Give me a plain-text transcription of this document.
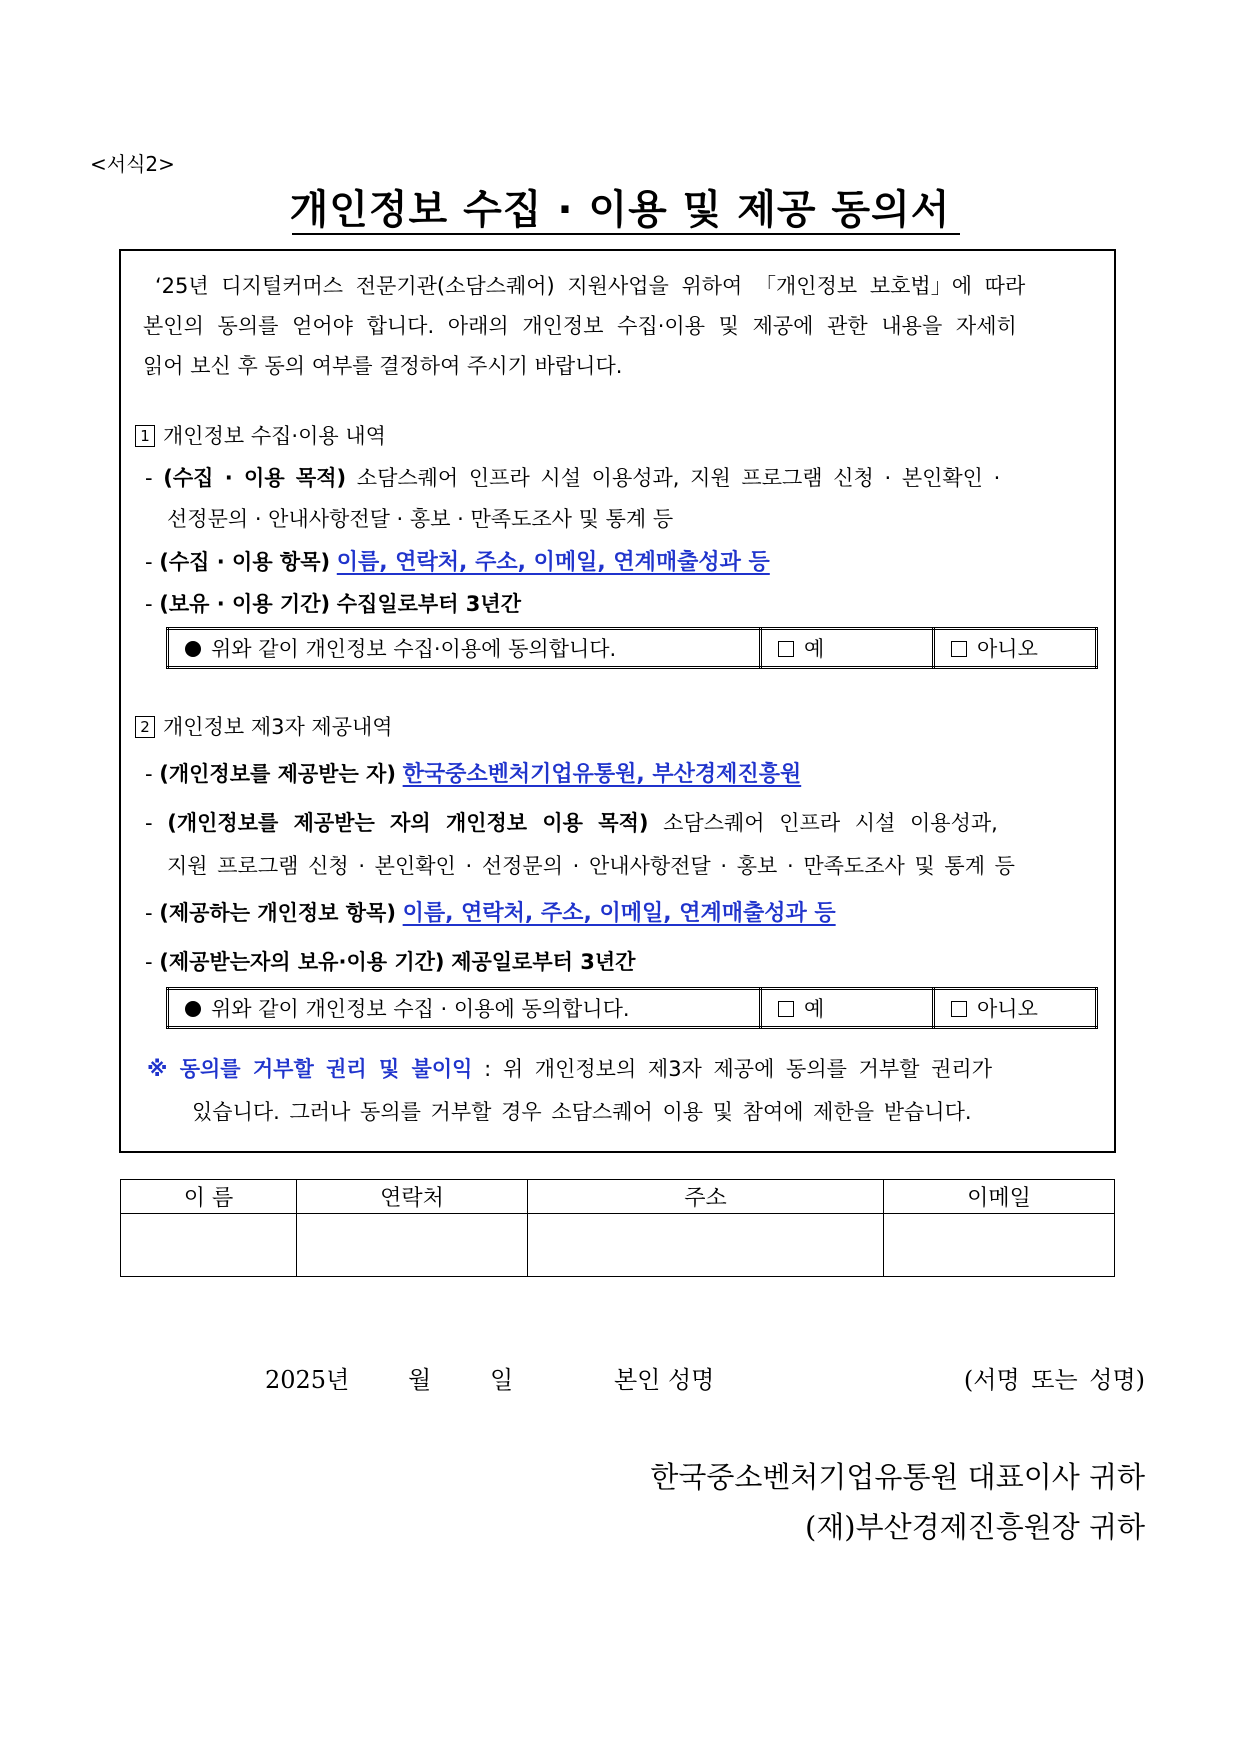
<서식2>
개인정보 수집 · 이용 및 제공 동의서
‘25년 디지털커머스 전문기관(소담스퀘어) 지원사업을 위하여 「개인정보 보호법」에 따라
본인의 동의를 얻어야 합니다. 아래의 개인정보 수집·이용 및 제공에 관한 내용을 자세히
읽어 보신 후 동의 여부를 결정하여 주시기 바랍니다.
1 개인정보 수집·이용 내역
- (수집 · 이용 목적) 소담스퀘어 인프라 시설 이용성과, 지원 프로그램 신청 · 본인확인 ·
선정문의 · 안내사항전달 · 홍보 · 만족도조사 및 통계 등
- (수집 · 이용 항목) 이름, 연락처, 주소, 이메일, 연계매출성과 등
- (보유 · 이용 기간) 수집일로부터 3년간
위와 같이 개인정보 수집·이용에 동의합니다.	예	아니오
2 개인정보 제3자 제공내역
- (개인정보를 제공받는 자) 한국중소벤처기업유통원, 부산경제진흥원
- (개인정보를 제공받는 자의 개인정보 이용 목적) 소담스퀘어 인프라 시설 이용성과,
지원 프로그램 신청 · 본인확인 · 선정문의 · 안내사항전달 · 홍보 · 만족도조사 및 통계 등
- (제공하는 개인정보 항목) 이름, 연락처, 주소, 이메일, 연계매출성과 등
- (제공받는자의 보유·이용 기간) 제공일로부터 3년간
위와 같이 개인정보 수집 · 이용에 동의합니다.	예	아니오
※ 동의를 거부할 권리 및 불이익 : 위 개인정보의 제3자 제공에 동의를 거부할 권리가
있습니다. 그러나 동의를 거부할 경우 소담스퀘어 이용 및 참여에 제한을 받습니다.
이 름	연락처	주소	이메일

2025년 월 일	본인 성명	(서명 또는 성명)
한국중소벤처기업유통원 대표이사 귀하
(재)부산경제진흥원장 귀하
